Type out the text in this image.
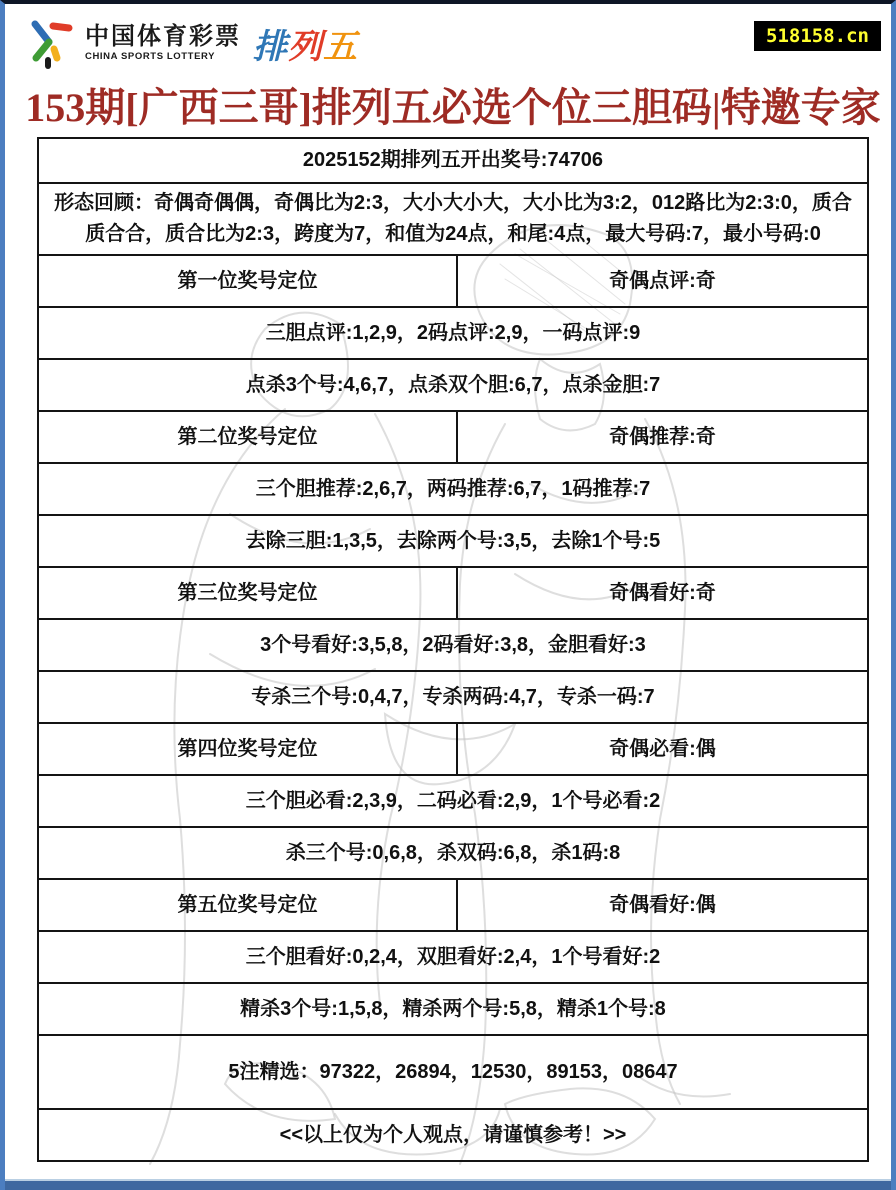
中国体育彩票
CHINA SPORTS LOTTERY	排 列 五	518158.cn
153期[广西三哥]排列五必选个位三胆码|特邀专家
2025152期排列五开出奖号:74706
形态回顾：奇偶奇偶偶，奇偶比为2:3，大小大小大，大小比为3:2，012路比为2:3:0，质合质合合，质合比为2:3，跨度为7，和值为24点，和尾:4点，最大号码:7，最小号码:0
第一位奖号定位	奇偶点评:奇
三胆点评:1,2,9，2码点评:2,9，一码点评:9
点杀3个号:4,6,7，点杀双个胆:6,7，点杀金胆:7
第二位奖号定位	奇偶推荐:奇
三个胆推荐:2,6,7，两码推荐:6,7，1码推荐:7
去除三胆:1,3,5，去除两个号:3,5，去除1个号:5
第三位奖号定位	奇偶看好:奇
3个号看好:3,5,8，2码看好:3,8，金胆看好:3
专杀三个号:0,4,7，专杀两码:4,7，专杀一码:7
第四位奖号定位	奇偶必看:偶
三个胆必看:2,3,9，二码必看:2,9，1个号必看:2
杀三个号:0,6,8，杀双码:6,8，杀1码:8
第五位奖号定位	奇偶看好:偶
三个胆看好:0,2,4，双胆看好:2,4，1个号看好:2
精杀3个号:1,5,8，精杀两个号:5,8，精杀1个号:8
5注精选：97322，26894，12530，89153，08647
<<以上仅为个人观点，请谨慎参考！>>
